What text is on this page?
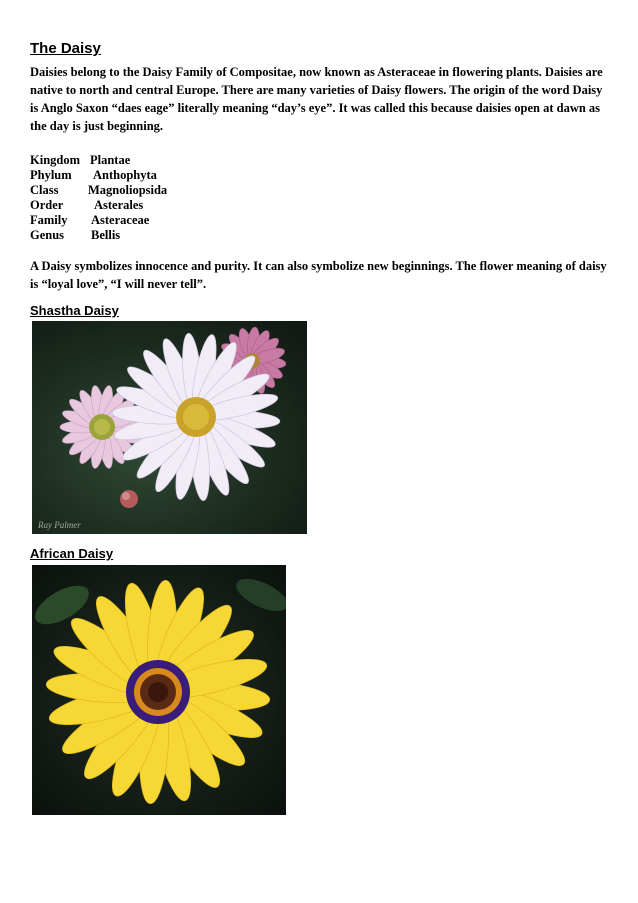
The Daisy

Daisies belong to the Daisy Family of Compositae, now known as Asteraceae in flowering plants. Daisies are native to north and central Europe. There are many varieties of Daisy flowers. The origin of the word Daisy is Anglo Saxon “daes eage” literally meaning “day’s eye”. It was called this because daisies open at dawn as the day is just beginning.

Kingdom Plantae
Phylum	Anthophyta
Class	Magnoliopsida
Order	Asterales
Family	Asteraceae
Genus	Bellis

A Daisy symbolizes innocence and purity. It can also symbolize new beginnings. The flower meaning of daisy is “loyal love”, “I will never tell”.

Shastha Daisy
Ray Palmer
African Daisy
